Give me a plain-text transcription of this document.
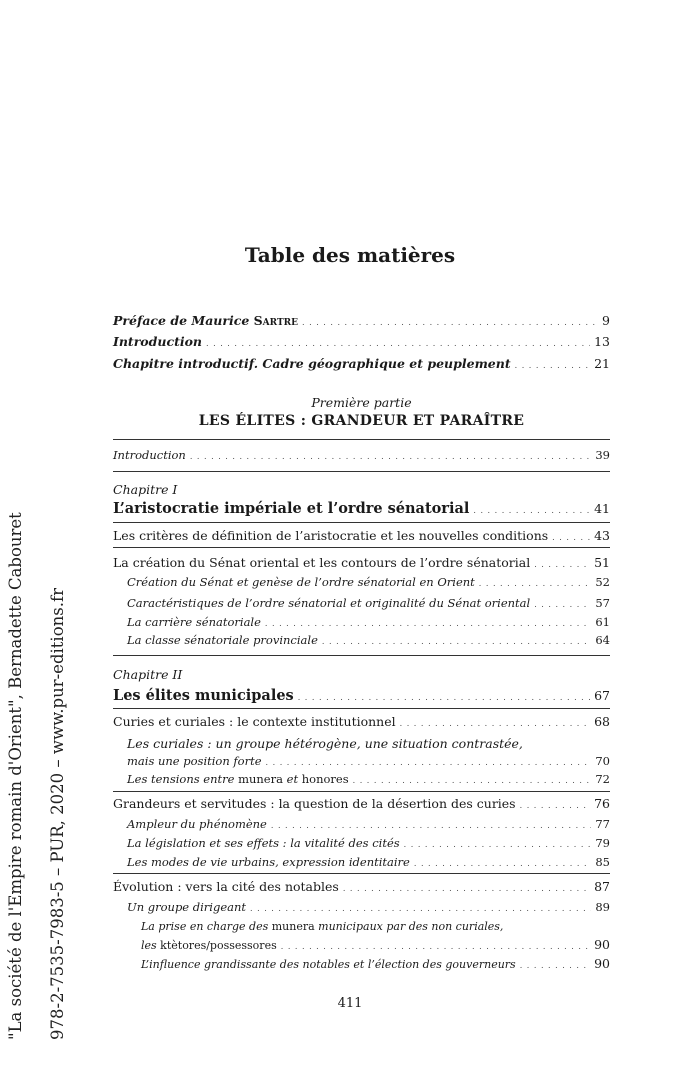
Table des matières
Préface de Maurice Sartre . . .	9
Introduction . . .	13
Chapitre introductif. Cadre géographique et peuplement . . .	21
Première partie
LES ÉLITES : GRANDEUR ET PARAÎTRE
Introduction . . .	39
Chapitre I
L’aristocratie impériale et l’ordre sénatorial . . .	41
Les critères de définition de l’aristocratie et les nouvelles conditions . . .	43
La création du Sénat oriental et les contours de l’ordre sénatorial . . .	51
Création du Sénat et genèse de l’ordre sénatorial en Orient . . .	52
Caractéristiques de l’ordre sénatorial et originalité du Sénat oriental . . .	57
La carrière sénatoriale . . .	61
La classe sénatoriale provinciale . . .	64
Chapitre II
Les élites municipales . . .	67
Curies et curiales : le contexte institutionnel . . .	68
Les curiales : un groupe hétérogène, une situation contrastée,
mais une position forte . . .	70
Les tensions entre munera et honores . . .	72
Grandeurs et servitudes : la question de la désertion des curies . . .	76
Ampleur du phénomène . . .	77
La législation et ses effets : la vitalité des cités . . .	79
Les modes de vie urbains, expression identitaire . . .	85
Évolution : vers la cité des notables . . .	87
Un groupe dirigeant . . .	89
La prise en charge des munera municipaux par des non curiales,
les ktètores/possessores . . .	90
L’influence grandissante des notables et l’élection des gouverneurs . . .	90
411
"La société de l'Empire romain d'Orient", Bernadette Cabouret 978-2-7535-7983-5 – PUR, 2020 – www.pur-editions.fr
